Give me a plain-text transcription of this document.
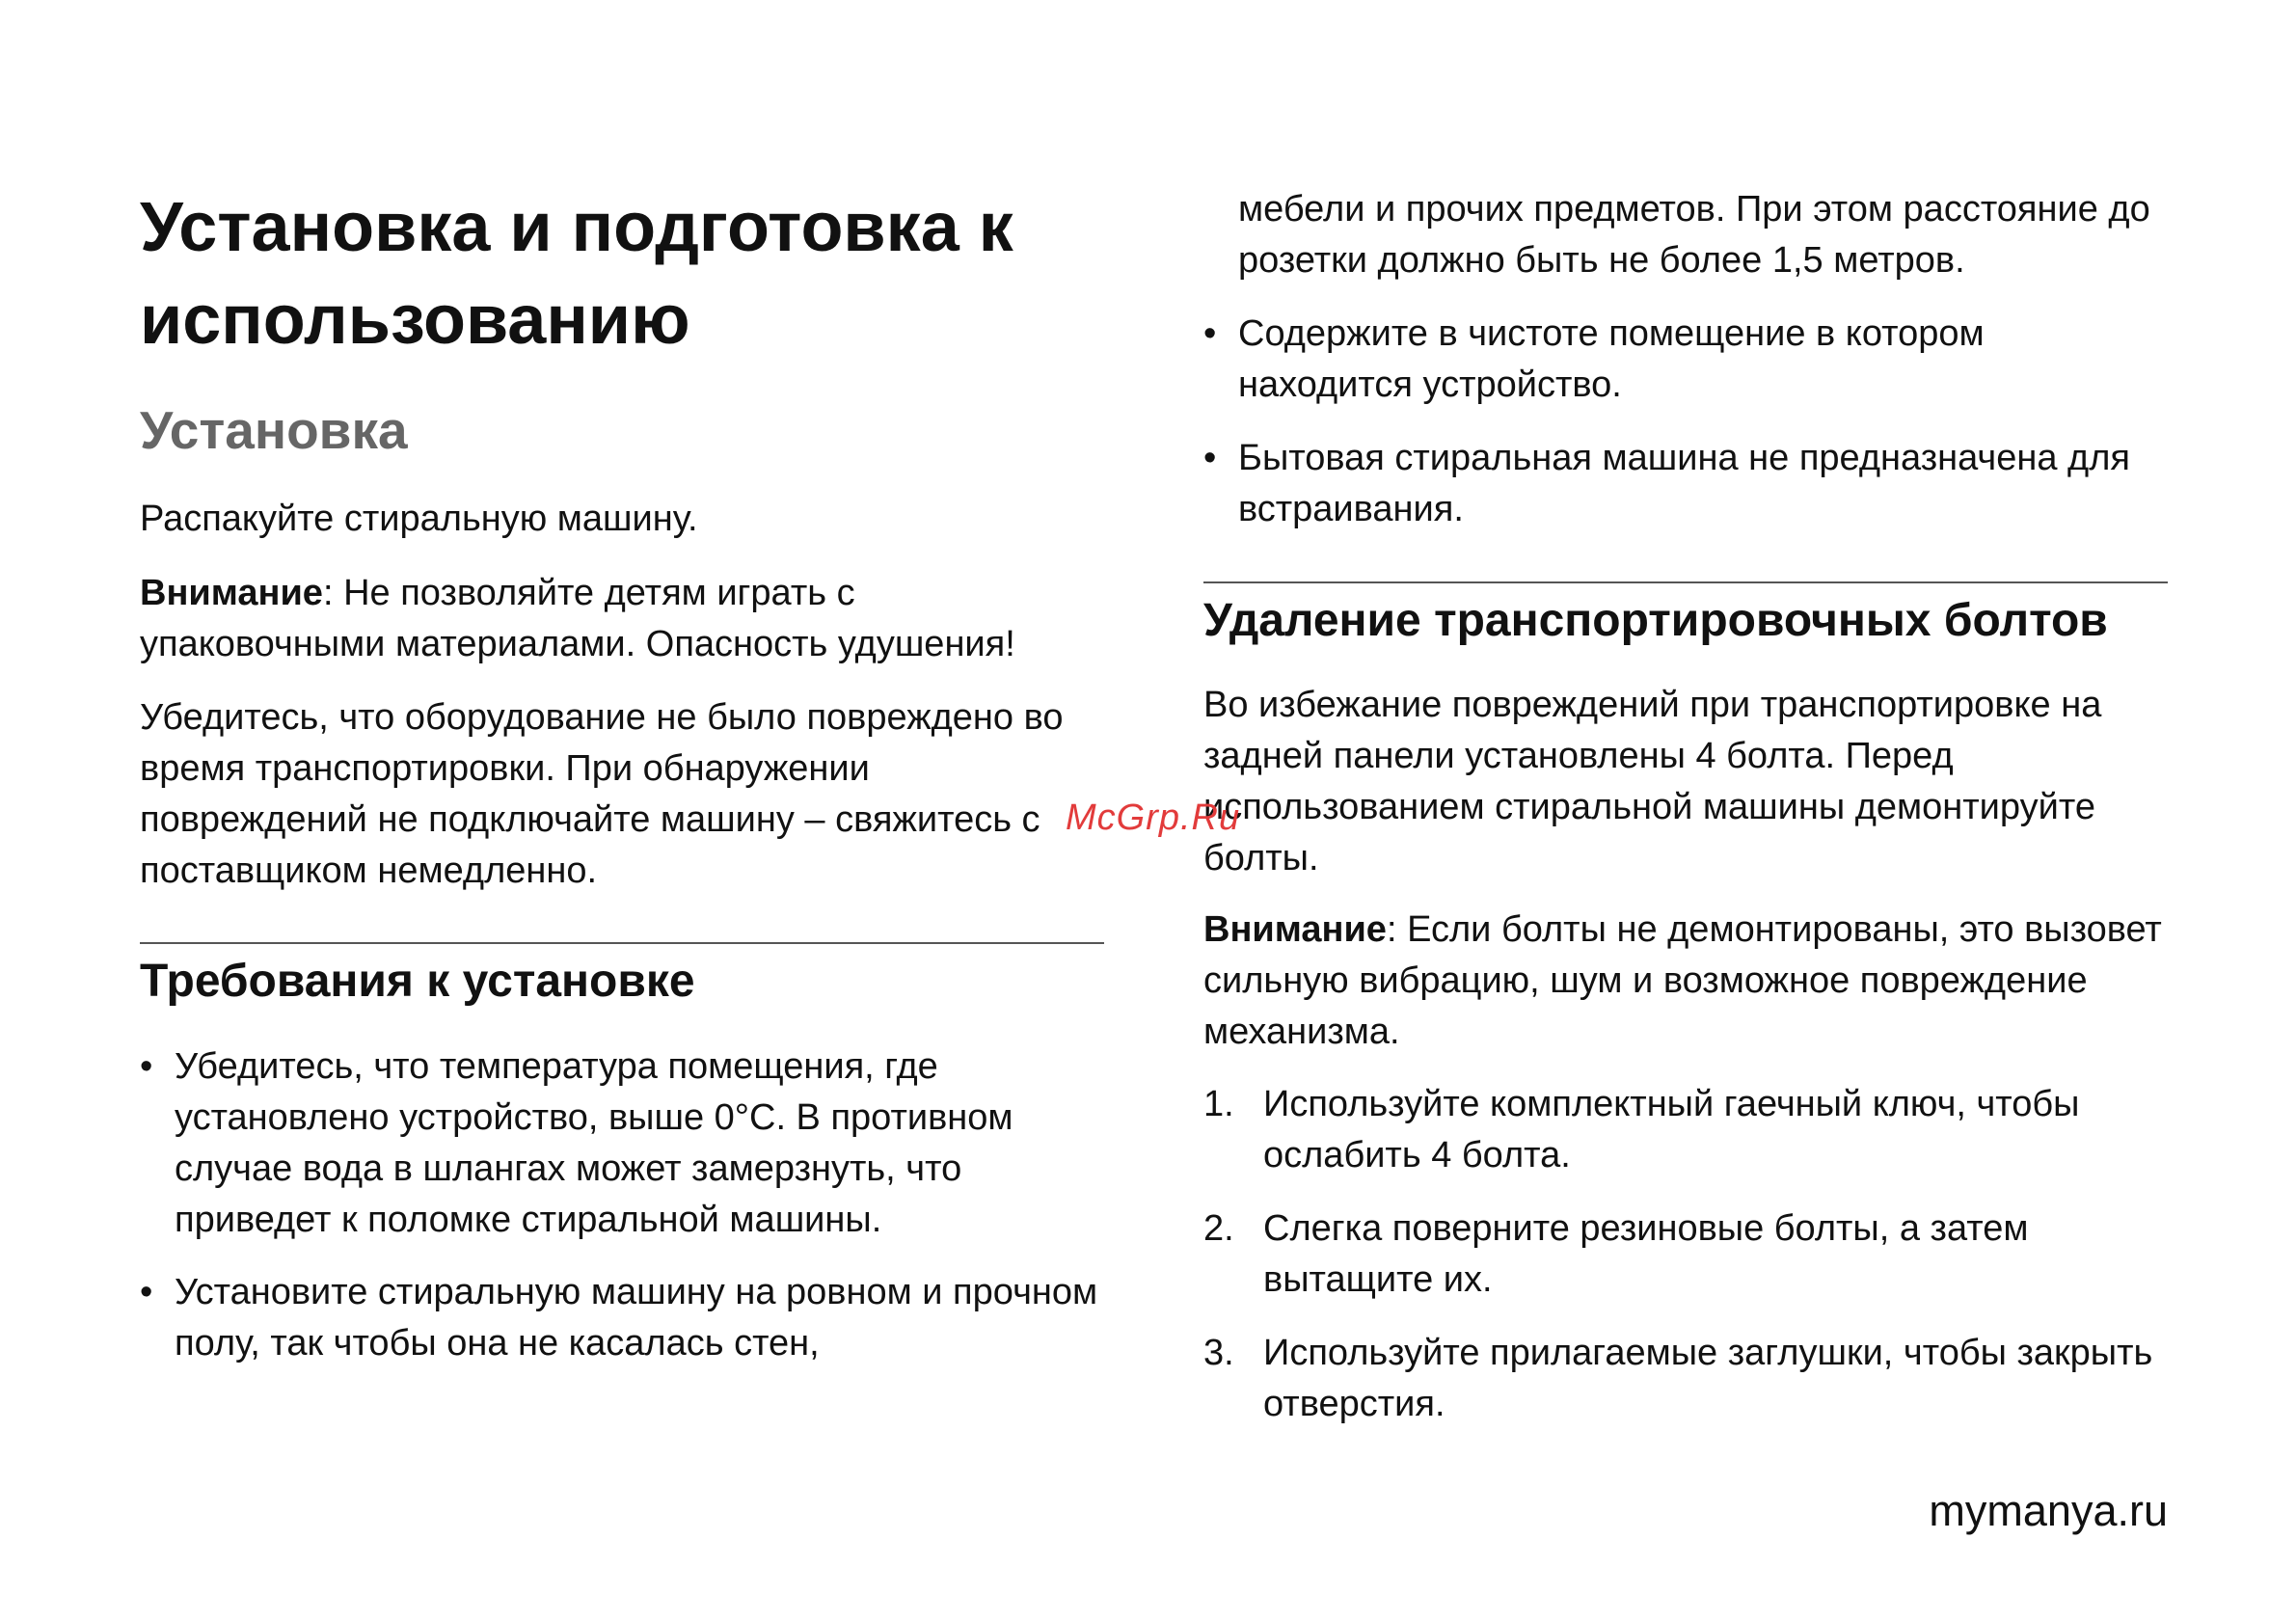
Установка и подготовка к использованию
Установка

Распакуйте стиральную машину.

Внимание: Не позволяйте детям играть с упаковочными материалами. Опасность удушения!

Убедитесь, что оборудование не было повреждено во время транспортировки. При обнаружении повреждений не подключайте машину – свяжитесь с поставщиком немедленно.

Требования к установке
• Убедитесь, что температура помещения, где установлено устройство, выше 0°С. В противном случае вода в шлангах может замерзнуть, что приведет к поломке стиральной машины.
• Установите стиральную машину на ровном и прочном полу, так чтобы она не касалась стен,

мебели и прочих предметов. При этом расстояние до розетки должно быть не более 1,5 метров.

• Содержите в чистоте помещение в котором находится устройство.
• Бытовая стиральная машина не предназначена для встраивания.
Удаление транспортировочных болтов

Во избежание повреждений при транспортировке на задней панели установлены 4 болта. Перед использованием стиральной машины демонтируйте болты.

Внимание: Если болты не демонтированы, это вызовет сильную вибрацию, шум и возможное повреждение механизма.

1. Используйте комплектный гаечный ключ, чтобы ослабить 4 болта.
2. Слегка поверните резиновые болты, а затем вытащите их.
3. Используйте прилагаемые заглушки, чтобы закрыть отверстия.
McGrp.Ru
mymanya.ru
